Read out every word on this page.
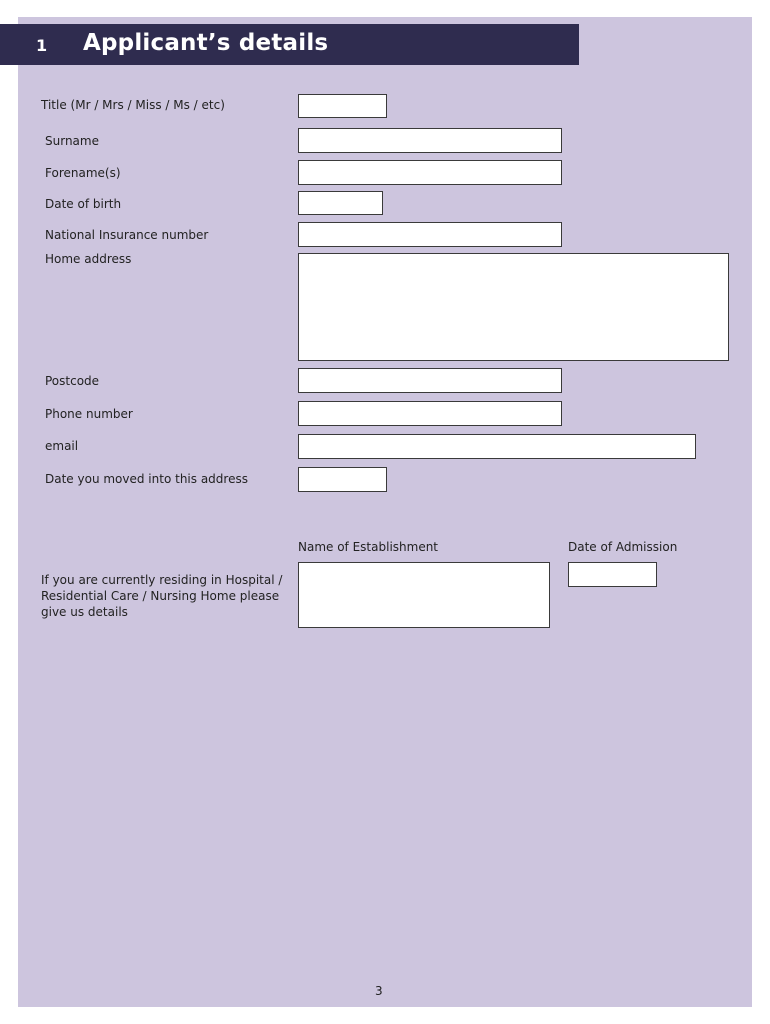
1 Applicant’s details
Title (Mr / Mrs / Miss / Ms / etc)
Surname
Forename(s)
Date of birth
National Insurance number
Home address
Postcode
Phone number
email
Date you moved into this address
Name of Establishment	Date of Admission
If you are currently residing in Hospital / Residential Care / Nursing Home please give us details
3
